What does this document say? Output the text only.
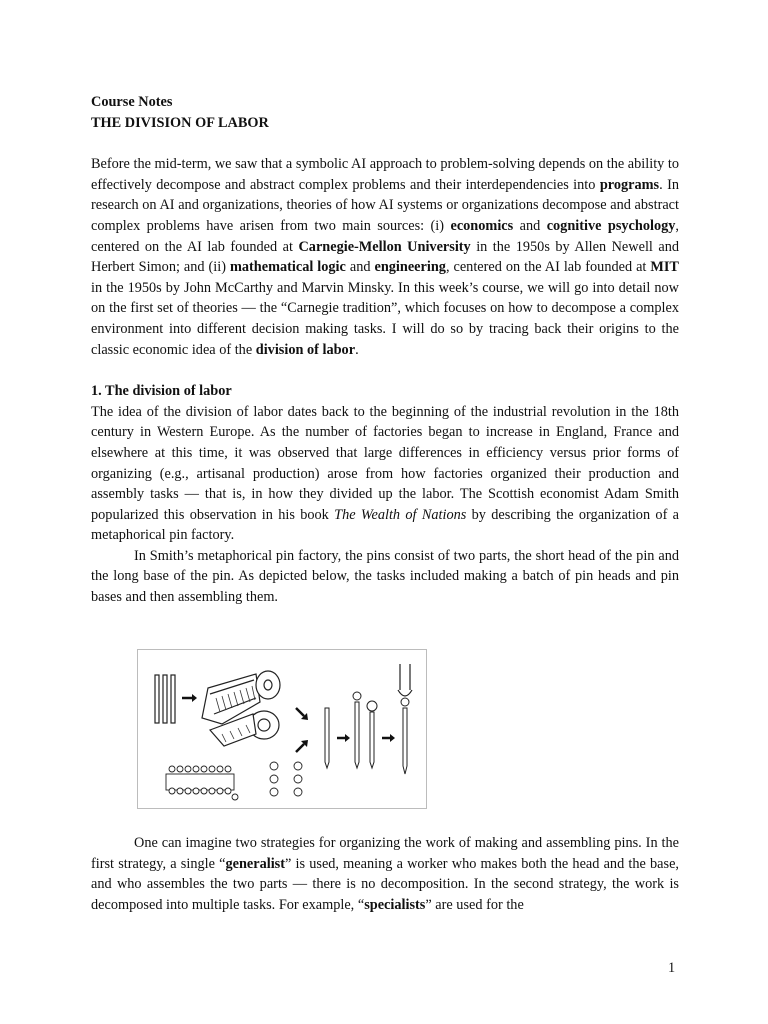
Course Notes

THE DIVISION OF LABOR

Before the mid-term, we saw that a symbolic AI approach to problem-solving depends on the ability to effectively decompose and abstract complex problems and their interdependencies into programs. In research on AI and organizations, theories of how AI systems or organizations decompose and abstract complex problems have arisen from two main sources: (i) economics and cognitive psychology, centered on the AI lab founded at Carnegie-Mellon University in the 1950s by Allen Newell and Herbert Simon; and (ii) mathematical logic and engineering, centered on the AI lab founded at MIT in the 1950s by John McCarthy and Marvin Minsky. In this week’s course, we will go into detail now on the first set of theories — the “Carnegie tradition”, which focuses on how to decompose a complex environment into different decision making tasks. I will do so by tracing back their origins to the classic economic idea of the division of labor.

1. The division of labor

The idea of the division of labor dates back to the beginning of the industrial revolution in the 18th century in Western Europe. As the number of factories began to increase in England, France and elsewhere at this time, it was observed that large differences in efficiency versus prior forms of organizing (e.g., artisanal production) arose from how factories organized their production and assembly tasks — that is, in how they divided up the labor. The Scottish economist Adam Smith popularized this observation in his book The Wealth of Nations by describing the organization of a metaphorical pin factory.

In Smith’s metaphorical pin factory, the pins consist of two parts, the short head of the pin and the long base of the pin. As depicted below, the tasks included making a batch of pin heads and pin bases and then assembling them.

One can imagine two strategies for organizing the work of making and assembling pins. In the first strategy, a single “generalist” is used, meaning a worker who makes both the head and the base, and who assembles the two parts — there is no decomposition. In the second strategy, the work is decomposed into multiple tasks. For example, “specialists” are used for the

1
